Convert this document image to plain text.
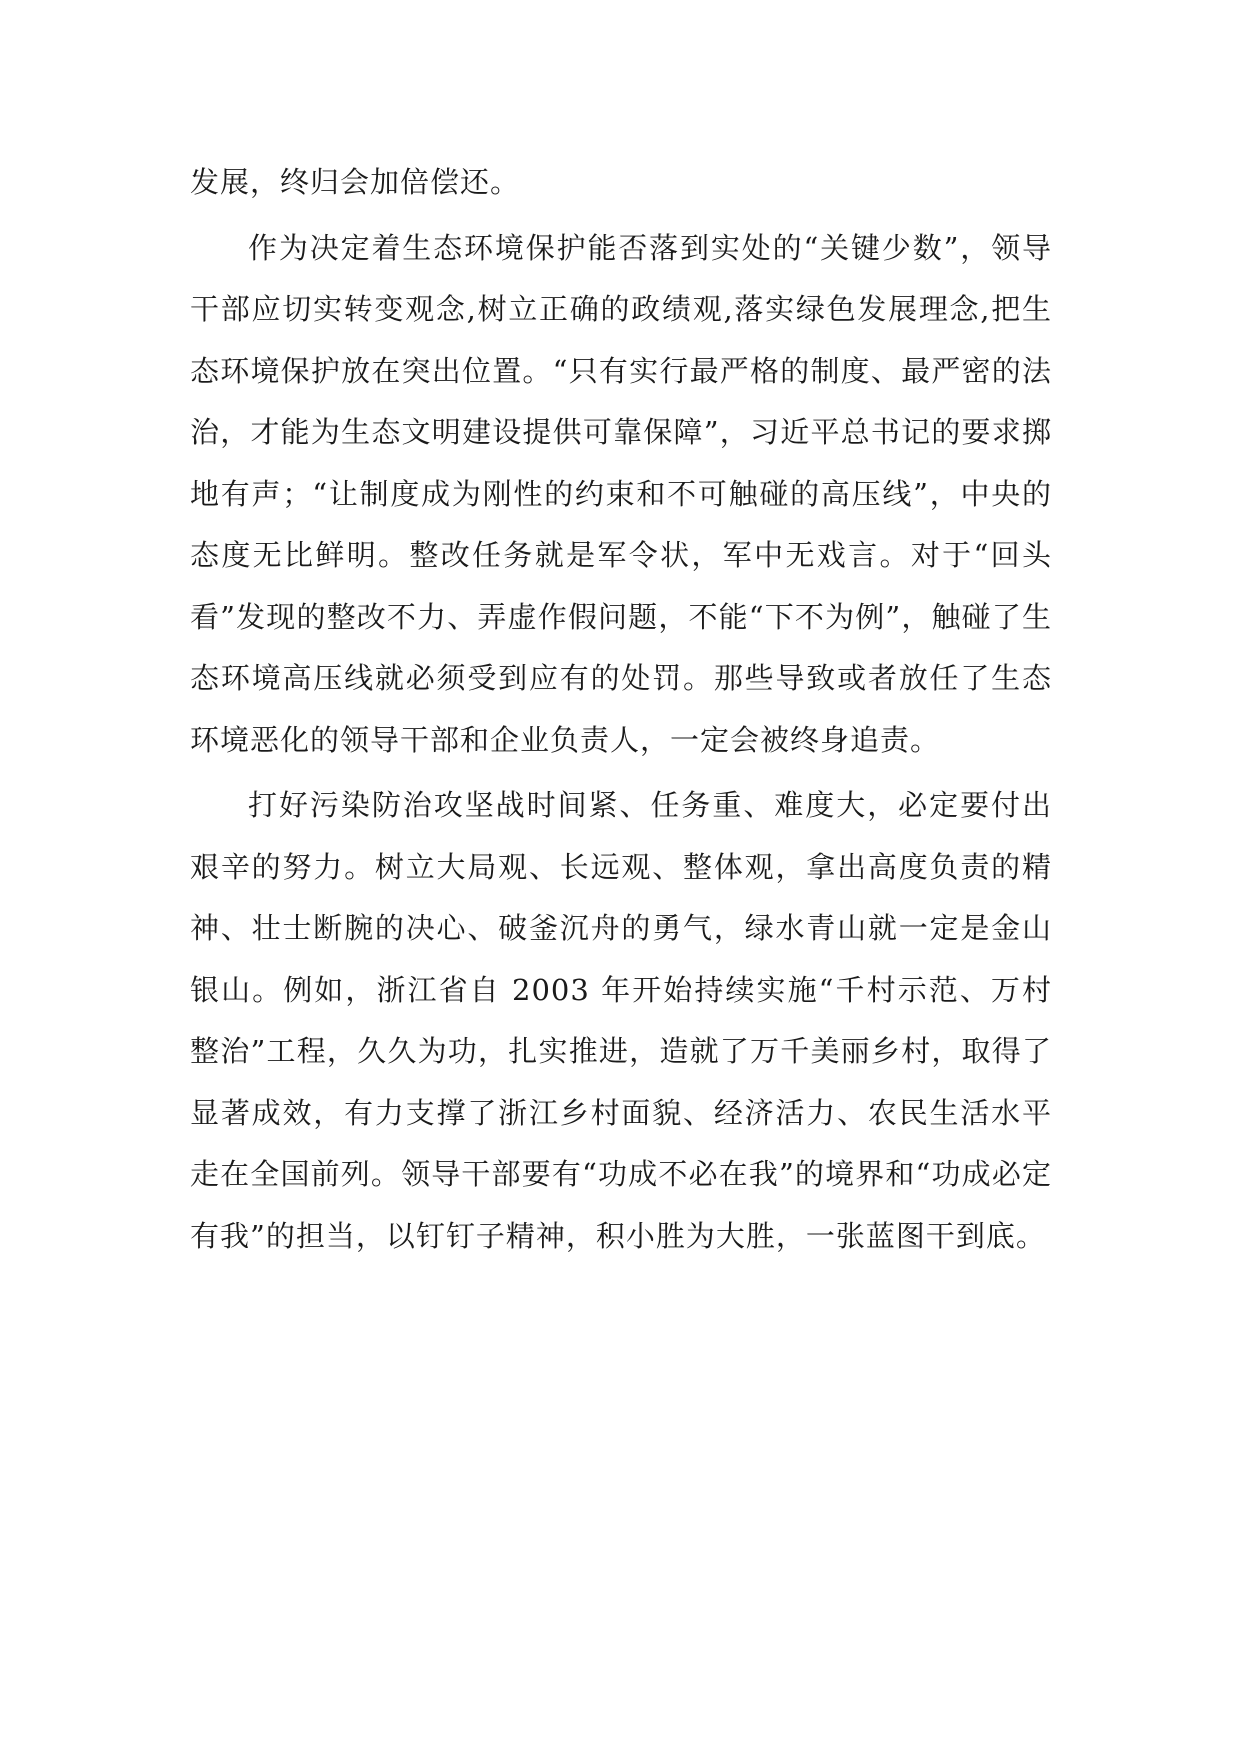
发展，终归会加倍偿还。

作为决定着生态环境保护能否落到实处的“关键少数”，领导干部应切实转变观念,树立正确的政绩观,落实绿色发展理念,把生态环境保护放在突出位置。“只有实行最严格的制度、最严密的法治，才能为生态文明建设提供可靠保障”，习近平总书记的要求掷地有声；“让制度成为刚性的约束和不可触碰的高压线”，中央的态度无比鲜明。整改任务就是军令状，军中无戏言。对于“回头看”发现的整改不力、弄虚作假问题，不能“下不为例”，触碰了生态环境高压线就必须受到应有的处罚。那些导致或者放任了生态环境恶化的领导干部和企业负责人，一定会被终身追责。

打好污染防治攻坚战时间紧、任务重、难度大，必定要付出艰辛的努力。树立大局观、长远观、整体观，拿出高度负责的精神、壮士断腕的决心、破釜沉舟的勇气，绿水青山就一定是金山银山。例如，浙江省自 2003 年开始持续实施“千村示范、万村整治”工程，久久为功，扎实推进，造就了万千美丽乡村，取得了显著成效，有力支撑了浙江乡村面貌、经济活力、农民生活水平走在全国前列。领导干部要有“功成不必在我”的境界和“功成必定有我”的担当，以钉钉子精神，积小胜为大胜，一张蓝图干到底。
